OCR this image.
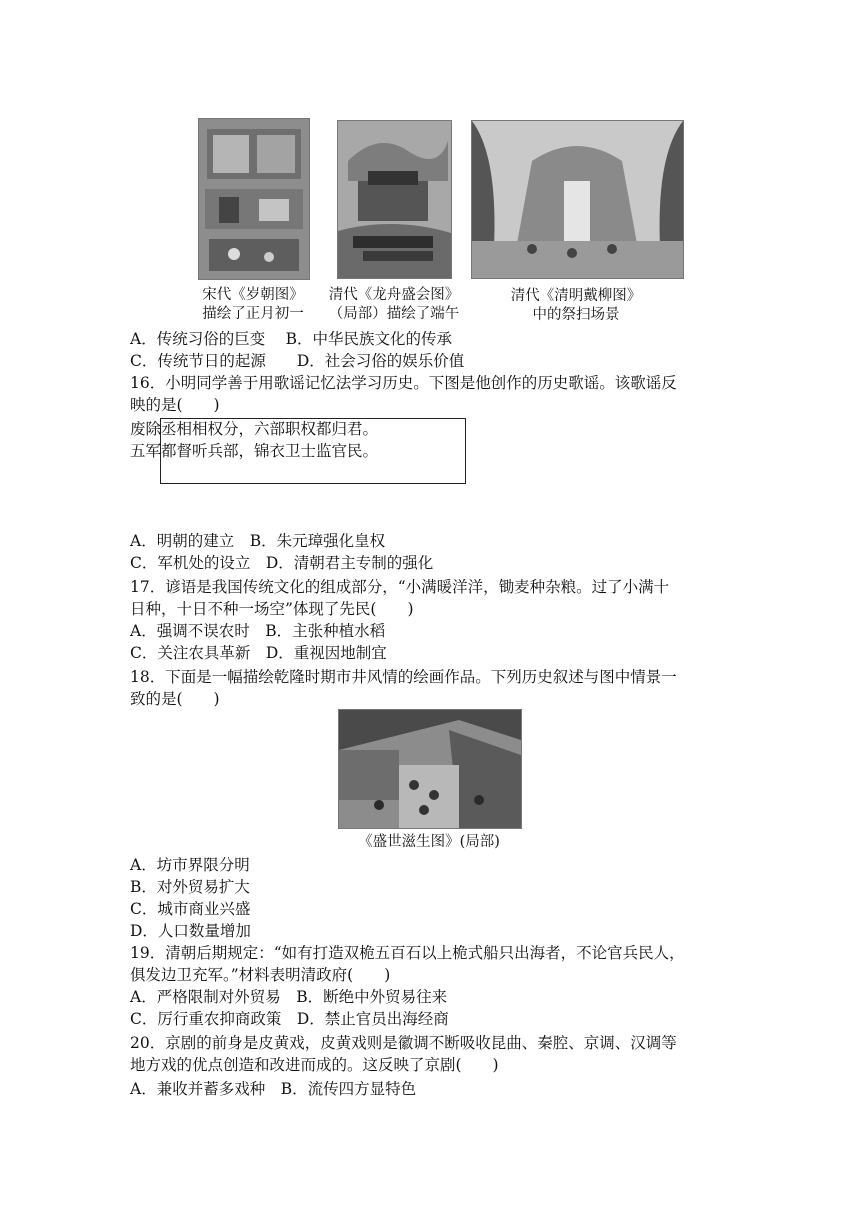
宋代《岁朝图》
描绘了正月初一
清代《龙舟盛会图》
（局部）描绘了端午
清代《清明戴柳图》
中的祭扫场景
A．传统习俗的巨变　 B．中华民族文化的传承
C．传统节日的起源　　D．社会习俗的娱乐价值
16．小明同学善于用歌谣记忆法学习历史。下图是他创作的历史歌谣。该歌谣反
映的是(　　)
废除丞相相权分，六部职权都归君。
五军都督听兵部，锦衣卫士监官民。
A．明朝的建立　B．朱元璋强化皇权
C．军机处的设立　D．清朝君主专制的强化
17．谚语是我国传统文化的组成部分，“小满暖洋洋，锄麦种杂粮。过了小满十
日种，十日不种一场空”体现了先民(　　)
A．强调不误农时　B．主张种植水稻
C．关注农具革新　D．重视因地制宜
18．下面是一幅描绘乾隆时期市井风情的绘画作品。下列历史叙述与图中情景一
致的是(　　)
《盛世滋生图》(局部)
A．坊市界限分明
B．对外贸易扩大
C．城市商业兴盛
D．人口数量增加
19．清朝后期规定：“如有打造双桅五百石以上桅式船只出海者，不论官兵民人，
俱发边卫充军。”材料表明清政府(　　)
A．严格限制对外贸易　B．断绝中外贸易往来
C．厉行重农抑商政策　D．禁止官员出海经商
20．京剧的前身是皮黄戏，皮黄戏则是徽调不断吸收昆曲、秦腔、京调、汉调等
地方戏的优点创造和改进而成的。这反映了京剧(　　)
A．兼收并蓄多戏种　B．流传四方显特色
